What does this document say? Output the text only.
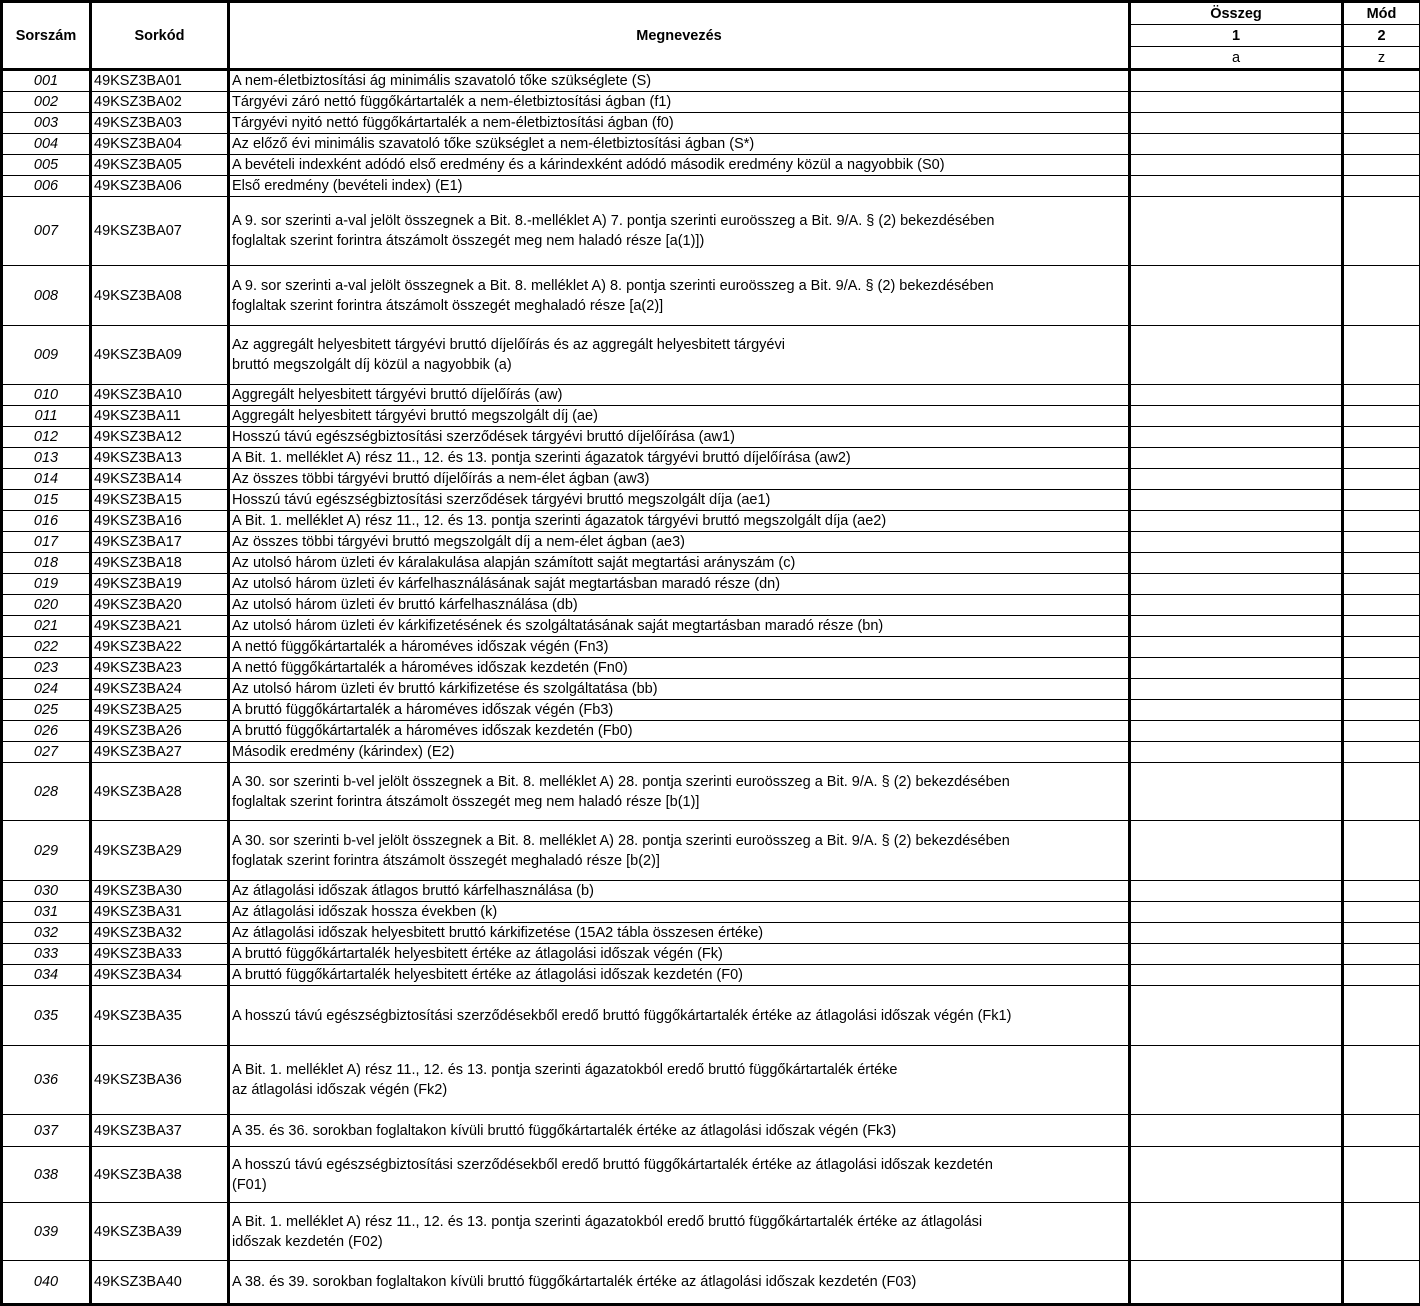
Sorszám	Sorkód	Megnevezés	Összeg	Mód
			1	2
			a	z
001	49KSZ3BA01	A nem-életbiztosítási ág minimális szavatoló tőke szükséglete (S)		
002	49KSZ3BA02	Tárgyévi záró nettó függőkártartalék a nem-életbiztosítási ágban (f1)		
003	49KSZ3BA03	Tárgyévi nyitó nettó függőkártartalék a nem-életbiztosítási ágban (f0)		
004	49KSZ3BA04	Az előző évi minimális szavatoló tőke szükséglet a nem-életbiztosítási ágban (S*)		
005	49KSZ3BA05	A bevételi indexként adódó első eredmény és a kárindexként adódó második eredmény közül a nagyobbik (S0)		
006	49KSZ3BA06	Első eredmény (bevételi index) (E1)		
007	49KSZ3BA07	A 9. sor szerinti a-val jelölt összegnek a Bit. 8.-melléklet A) 7. pontja szerinti euroösszeg a Bit. 9/A. § (2) bekezdésében
foglaltak szerint forintra átszámolt összegét meg nem haladó része [a(1)])		
008	49KSZ3BA08	A 9. sor szerinti a-val jelölt összegnek a Bit. 8. melléklet A) 8. pontja szerinti euroösszeg a Bit. 9/A. § (2) bekezdésében
foglaltak szerint forintra átszámolt összegét meghaladó része [a(2)]		
009	49KSZ3BA09	Az aggregált helyesbitett tárgyévi bruttó díjelőírás és az aggregált helyesbitett tárgyévi
bruttó megszolgált díj közül a nagyobbik (a)		
010	49KSZ3BA10	Aggregált helyesbitett tárgyévi bruttó díjelőírás (aw)		
011	49KSZ3BA11	Aggregált helyesbitett tárgyévi bruttó megszolgált díj (ae)		
012	49KSZ3BA12	Hosszú távú egészségbiztosítási szerződések tárgyévi bruttó díjelőírása (aw1)		
013	49KSZ3BA13	A Bit. 1. melléklet A) rész 11., 12. és 13. pontja szerinti ágazatok tárgyévi bruttó díjelőírása (aw2)		
014	49KSZ3BA14	Az összes többi tárgyévi bruttó díjelőírás a nem-élet ágban (aw3)		
015	49KSZ3BA15	Hosszú távú egészségbiztosítási szerződések tárgyévi bruttó megszolgált díja (ae1)		
016	49KSZ3BA16	A Bit. 1. melléklet A) rész 11., 12. és 13. pontja szerinti ágazatok tárgyévi bruttó megszolgált díja (ae2)		
017	49KSZ3BA17	Az összes többi tárgyévi bruttó megszolgált díj a nem-élet ágban (ae3)		
018	49KSZ3BA18	Az utolsó három üzleti év káralakulása alapján számított saját megtartási arányszám (c)		
019	49KSZ3BA19	Az utolsó három üzleti év kárfelhasználásának saját megtartásban maradó része (dn)		
020	49KSZ3BA20	Az utolsó három üzleti év bruttó kárfelhasználása (db)		
021	49KSZ3BA21	Az utolsó három üzleti év kárkifizetésének és szolgáltatásának saját megtartásban maradó része (bn)		
022	49KSZ3BA22	A nettó függőkártartalék a hároméves időszak végén (Fn3)		
023	49KSZ3BA23	A nettó függőkártartalék a hároméves időszak kezdetén (Fn0)		
024	49KSZ3BA24	Az utolsó három üzleti év bruttó kárkifizetése és szolgáltatása (bb)		
025	49KSZ3BA25	A bruttó függőkártartalék a hároméves időszak végén (Fb3)		
026	49KSZ3BA26	A bruttó függőkártartalék a hároméves időszak kezdetén (Fb0)		
027	49KSZ3BA27	Második eredmény (kárindex) (E2)		
028	49KSZ3BA28	A 30. sor szerinti b-vel jelölt összegnek a Bit. 8. melléklet A) 28. pontja szerinti euroösszeg a Bit. 9/A. § (2) bekezdésében
foglaltak szerint forintra átszámolt összegét meg nem haladó része [b(1)]		
029	49KSZ3BA29	A 30. sor szerinti b-vel jelölt összegnek a Bit. 8. melléklet A) 28. pontja szerinti euroösszeg a Bit. 9/A. § (2) bekezdésében
foglatak szerint forintra átszámolt összegét meghaladó része [b(2)]		
030	49KSZ3BA30	Az átlagolási időszak átlagos bruttó kárfelhasználása (b)		
031	49KSZ3BA31	Az átlagolási időszak hossza években (k)		
032	49KSZ3BA32	Az átlagolási időszak helyesbitett bruttó kárkifizetése (15A2 tábla összesen értéke)		
033	49KSZ3BA33	A bruttó függőkártartalék helyesbitett értéke az átlagolási időszak végén (Fk)		
034	49KSZ3BA34	A bruttó függőkártartalék helyesbitett értéke az átlagolási időszak kezdetén (F0)		
035	49KSZ3BA35	A hosszú távú egészségbiztosítási szerződésekből eredő bruttó függőkártartalék értéke az átlagolási időszak végén (Fk1)		
036	49KSZ3BA36	A Bit. 1. melléklet A) rész 11., 12. és 13. pontja szerinti ágazatokból eredő bruttó függőkártartalék értéke
az átlagolási időszak végén (Fk2)		
037	49KSZ3BA37	A 35. és 36. sorokban foglaltakon kívüli bruttó függőkártartalék értéke az átlagolási időszak végén (Fk3)		
038	49KSZ3BA38	A hosszú távú egészségbiztosítási szerződésekből eredő bruttó függőkártartalék értéke az átlagolási időszak kezdetén
(F01)		
039	49KSZ3BA39	A Bit. 1. melléklet A) rész 11., 12. és 13. pontja szerinti ágazatokból eredő bruttó függőkártartalék értéke az átlagolási
időszak kezdetén (F02)		
040	49KSZ3BA40	A 38. és 39. sorokban foglaltakon kívüli bruttó függőkártartalék értéke az átlagolási időszak kezdetén (F03)		
